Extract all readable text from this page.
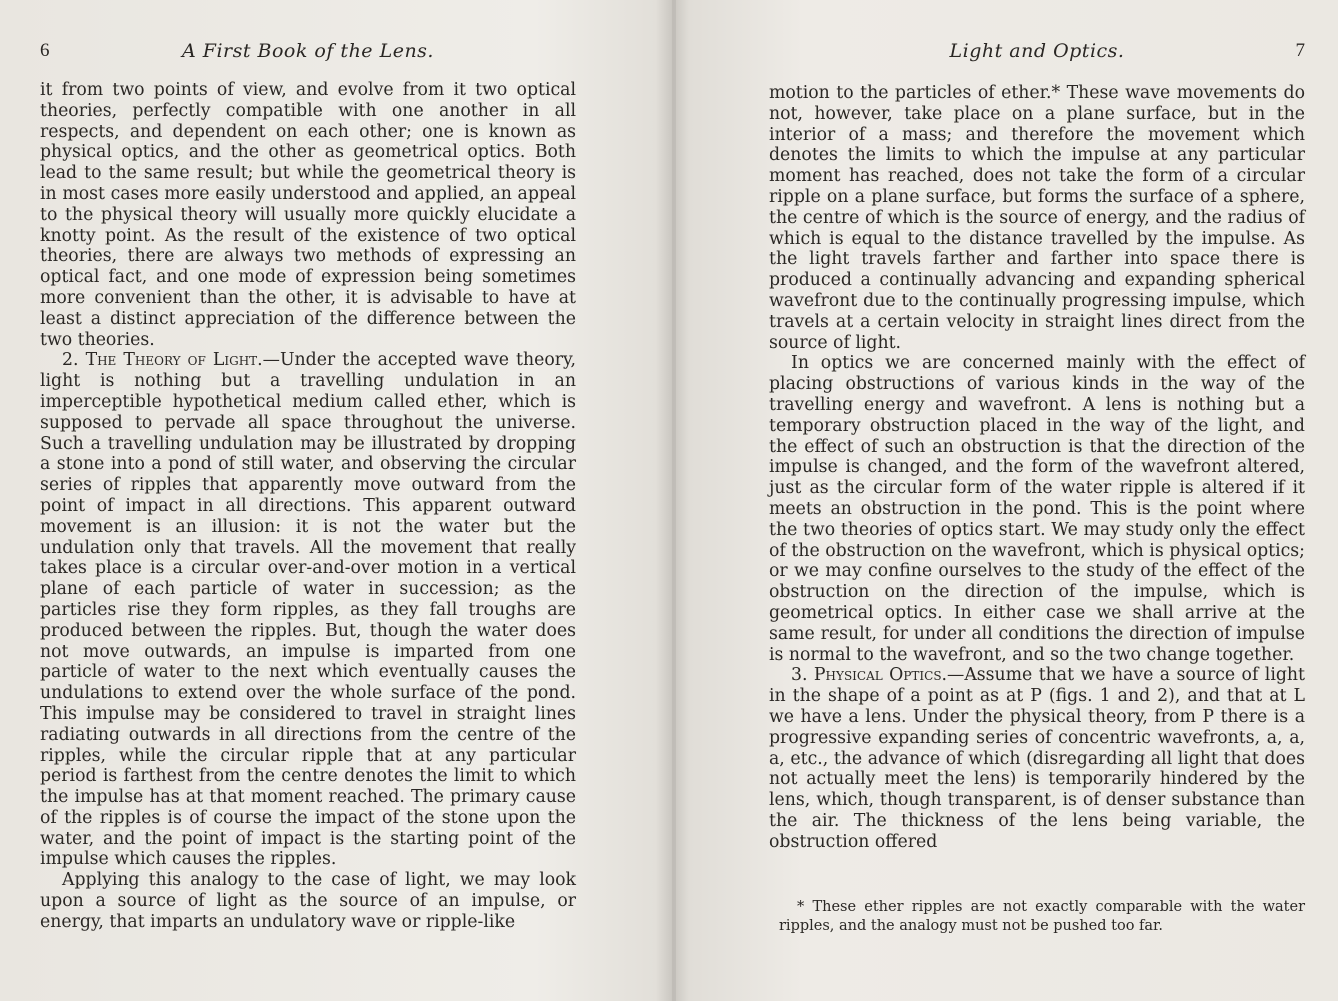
6	A First Book of the Lens.

it from two points of view, and evolve from it two optical theories, perfectly compatible with one another in all respects, and dependent on each other; one is known as physical optics, and the other as geometrical optics. Both lead to the same result; but while the geometrical theory is in most cases more easily understood and applied, an appeal to the physical theory will usually more quickly elucidate a knotty point. As the result of the existence of two optical theories, there are always two methods of expressing an optical fact, and one mode of expression being sometimes more convenient than the other, it is advisable to have at least a distinct appreciation of the difference between the two theories.

2. The Theory of Light.—Under the accepted wave theory, light is nothing but a travelling undulation in an imperceptible hypothetical medium called ether, which is supposed to pervade all space throughout the universe. Such a travelling undulation may be illustrated by dropping a stone into a pond of still water, and observing the circular series of ripples that apparently move outward from the point of impact in all directions. This apparent outward movement is an illusion: it is not the water but the undulation only that travels. All the movement that really takes place is a circular over-and-over motion in a vertical plane of each particle of water in succession; as the particles rise they form ripples, as they fall troughs are produced between the ripples. But, though the water does not move outwards, an impulse is imparted from one particle of water to the next which eventually causes the undulations to extend over the whole surface of the pond. This impulse may be considered to travel in straight lines radiating outwards in all directions from the centre of the ripples, while the circular ripple that at any particular period is farthest from the centre denotes the limit to which the impulse has at that moment reached. The primary cause of the ripples is of course the impact of the stone upon the water, and the point of impact is the starting point of the impulse which causes the ripples.

Applying this analogy to the case of light, we may look upon a source of light as the source of an impulse, or energy, that imparts an undulatory wave or ripple-like

Light and Optics.	7

motion to the particles of ether.* These wave movements do not, however, take place on a plane surface, but in the interior of a mass; and therefore the movement which denotes the limits to which the impulse at any particular moment has reached, does not take the form of a circular ripple on a plane surface, but forms the surface of a sphere, the centre of which is the source of energy, and the radius of which is equal to the distance travelled by the impulse. As the light travels farther and farther into space there is produced a continually advancing and expanding spherical wavefront due to the continually progressing impulse, which travels at a certain velocity in straight lines direct from the source of light.

In optics we are concerned mainly with the effect of placing obstructions of various kinds in the way of the travelling energy and wavefront. A lens is nothing but a temporary obstruction placed in the way of the light, and the effect of such an obstruction is that the direction of the impulse is changed, and the form of the wavefront altered, just as the circular form of the water ripple is altered if it meets an obstruction in the pond. This is the point where the two theories of optics start. We may study only the effect of the obstruction on the wavefront, which is physical optics; or we may confine ourselves to the study of the effect of the obstruction on the direction of the impulse, which is geometrical optics. In either case we shall arrive at the same result, for under all conditions the direction of impulse is normal to the wavefront, and so the two change together.

3. Physical Optics.—Assume that we have a source of light in the shape of a point as at P (figs. 1 and 2), and that at L we have a lens. Under the physical theory, from P there is a progressive expanding series of concentric wavefronts, a, a, a, etc., the advance of which (disregarding all light that does not actually meet the lens) is temporarily hindered by the lens, which, though transparent, is of denser substance than the air. The thickness of the lens being variable, the obstruction offered

* These ether ripples are not exactly comparable with the water ripples, and the analogy must not be pushed too far.
